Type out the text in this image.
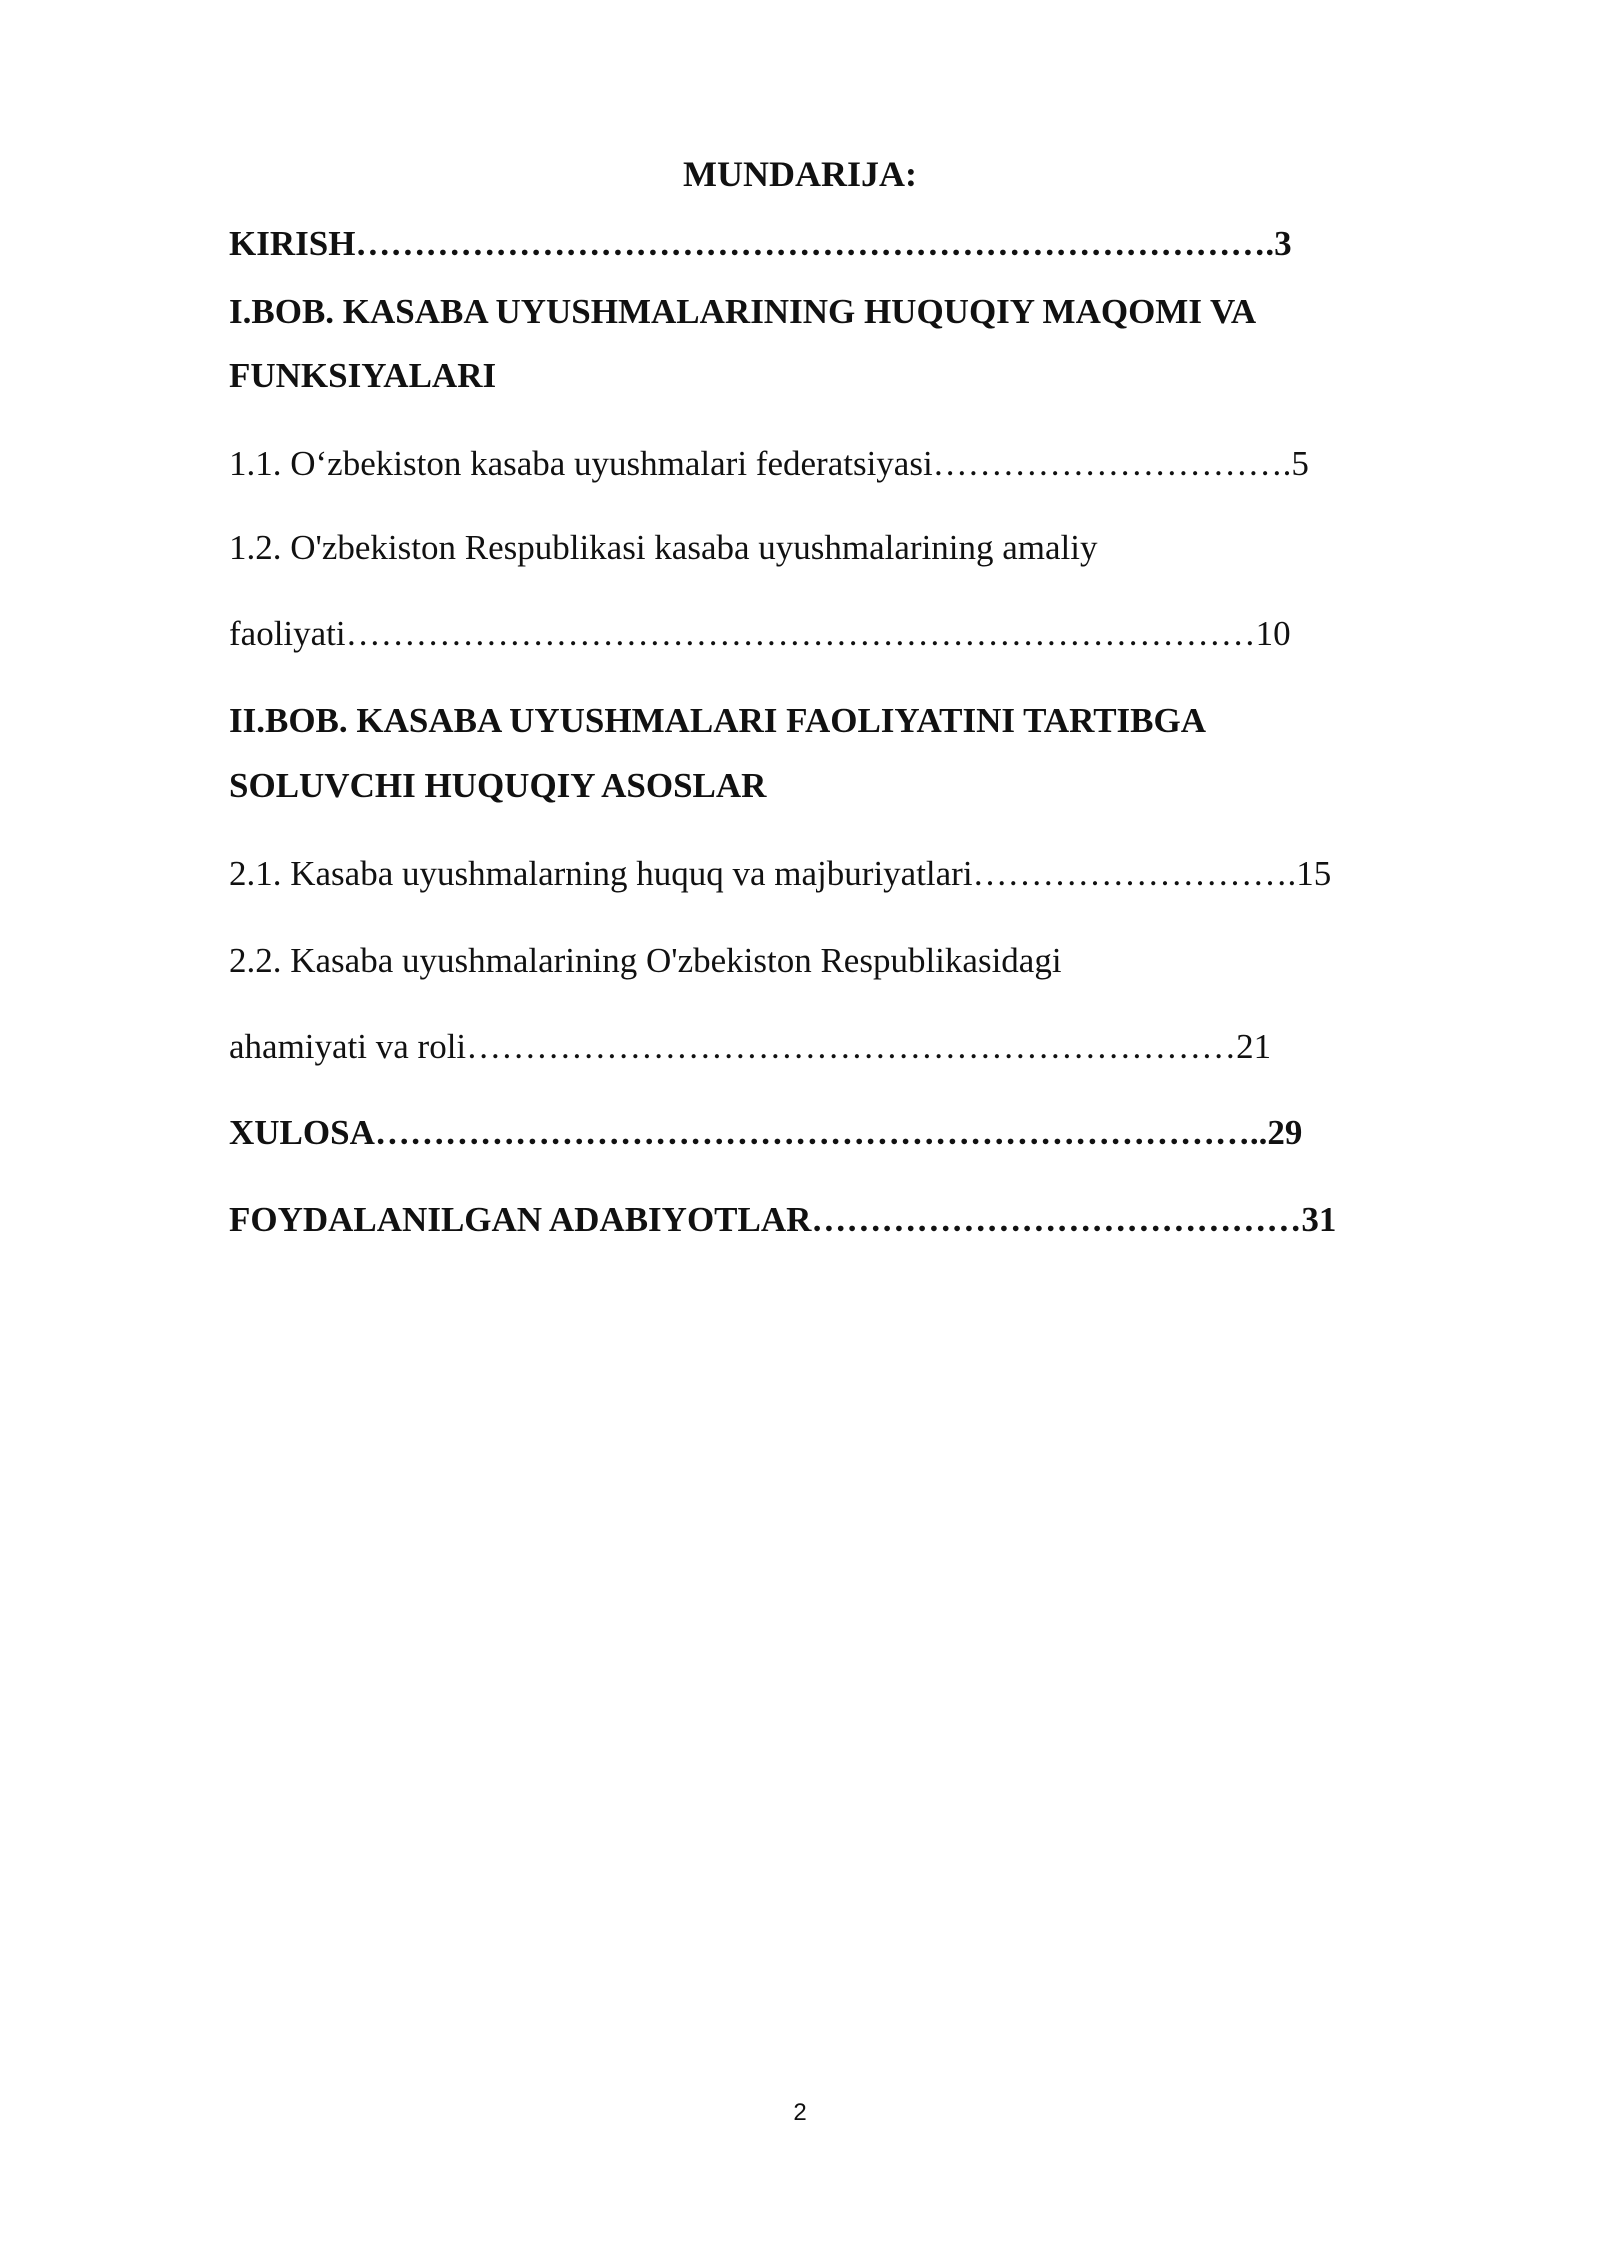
MUNDARIJA:
KIRISH…………………………………………………………………….3
I.BOB. KASABA UYUSHMALARINING HUQUQIY MAQOMI VA
FUNKSIYALARI
1.1. O‘zbekiston kasaba uyushmalari federatsiyasi………………………….5
1.2. O'zbekiston Respublikasi kasaba uyushmalarining amaliy
faoliyati……………………………………………………………………10
II.BOB. KASABA UYUSHMALARI FAOLIYATINI TARTIBGA
SOLUVCHI HUQUQIY ASOSLAR
2.1. Kasaba uyushmalarning huquq va majburiyatlari……………………….15
2.2. Kasaba uyushmalarining O'zbekiston Respublikasidagi
ahamiyati va roli…………………………………………………………21
XULOSA…………………………………………………………………..29
FOYDALANILGAN ADABIYOTLAR……………………………………31
2
